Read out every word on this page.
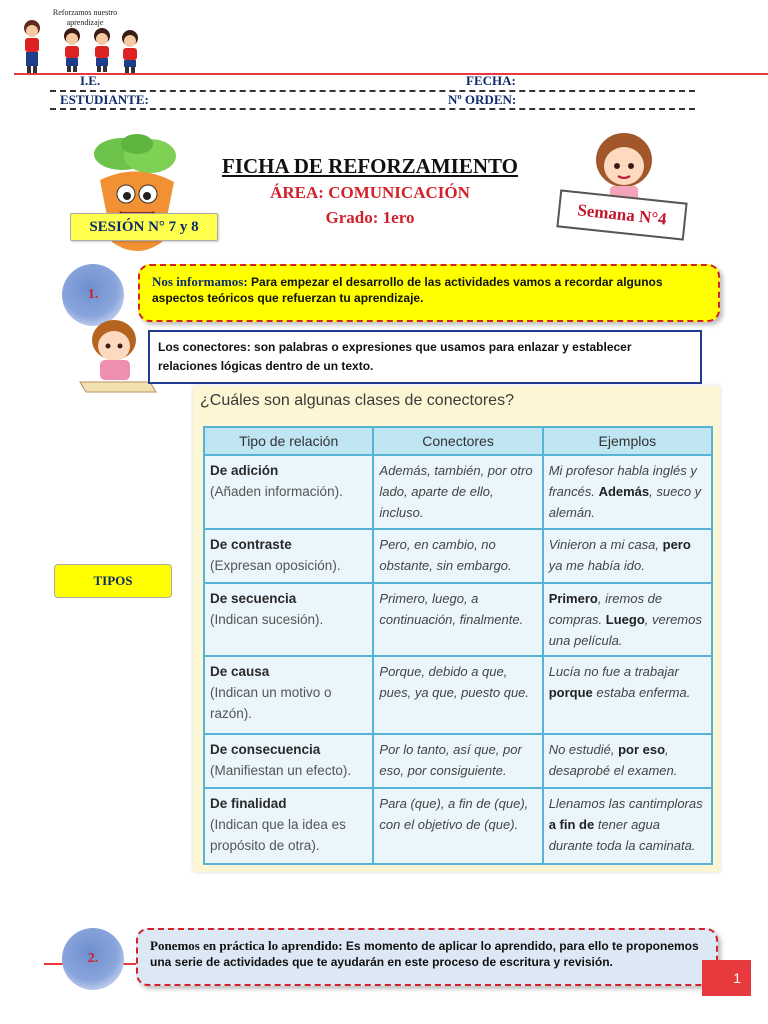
Reforzamos nuestro
aprendizaje
I.E.	FECHA:
ESTUDIANTE:	Nº ORDEN:
FICHA DE REFORZAMIENTO
ÁREA: COMUNICACIÓN
Grado: 1ero
SESIÓN N° 7 y 8	Semana N°4
1.
Nos informamos: Para empezar el desarrollo de las actividades vamos a recordar algunos aspectos teóricos que refuerzan tu aprendizaje.
Los conectores: son palabras o expresiones que usamos para enlazar y establecer relaciones lógicas dentro de un texto.
¿Cuáles son algunas clases de conectores?
Tipo de relación	Conectores	Ejemplos

De adición
(Añaden información).	Además, también, por otro lado, aparte de ello, incluso.	Mi profesor habla inglés y francés. Además, sueco y alemán.

De contraste
(Expresan oposición).	Pero, en cambio, no obstante, sin embargo.	Vinieron a mi casa, pero ya me había ido.

De secuencia
(Indican sucesión).	Primero, luego, a continuación, finalmente.	Primero, iremos de compras. Luego, veremos una película.

De causa
(Indican un motivo o razón).	Porque, debido a que, pues, ya que, puesto que.	Lucía no fue a trabajar porque estaba enferma.

De consecuencia
(Manifiestan un efecto).	Por lo tanto, así que, por eso, por consiguiente.	No estudié, por eso, desaprobé el examen.

De finalidad
(Indican que la idea es propósito de otra).	Para (que), a fin de (que), con el objetivo de (que).	Llenamos las cantimploras a fin de tener agua durante toda la caminata.
TIPOS
2.
Ponemos en práctica lo aprendido: Es momento de aplicar lo aprendido, para ello te proponemos una serie de actividades que te ayudarán en este proceso de escritura y revisión.
1
